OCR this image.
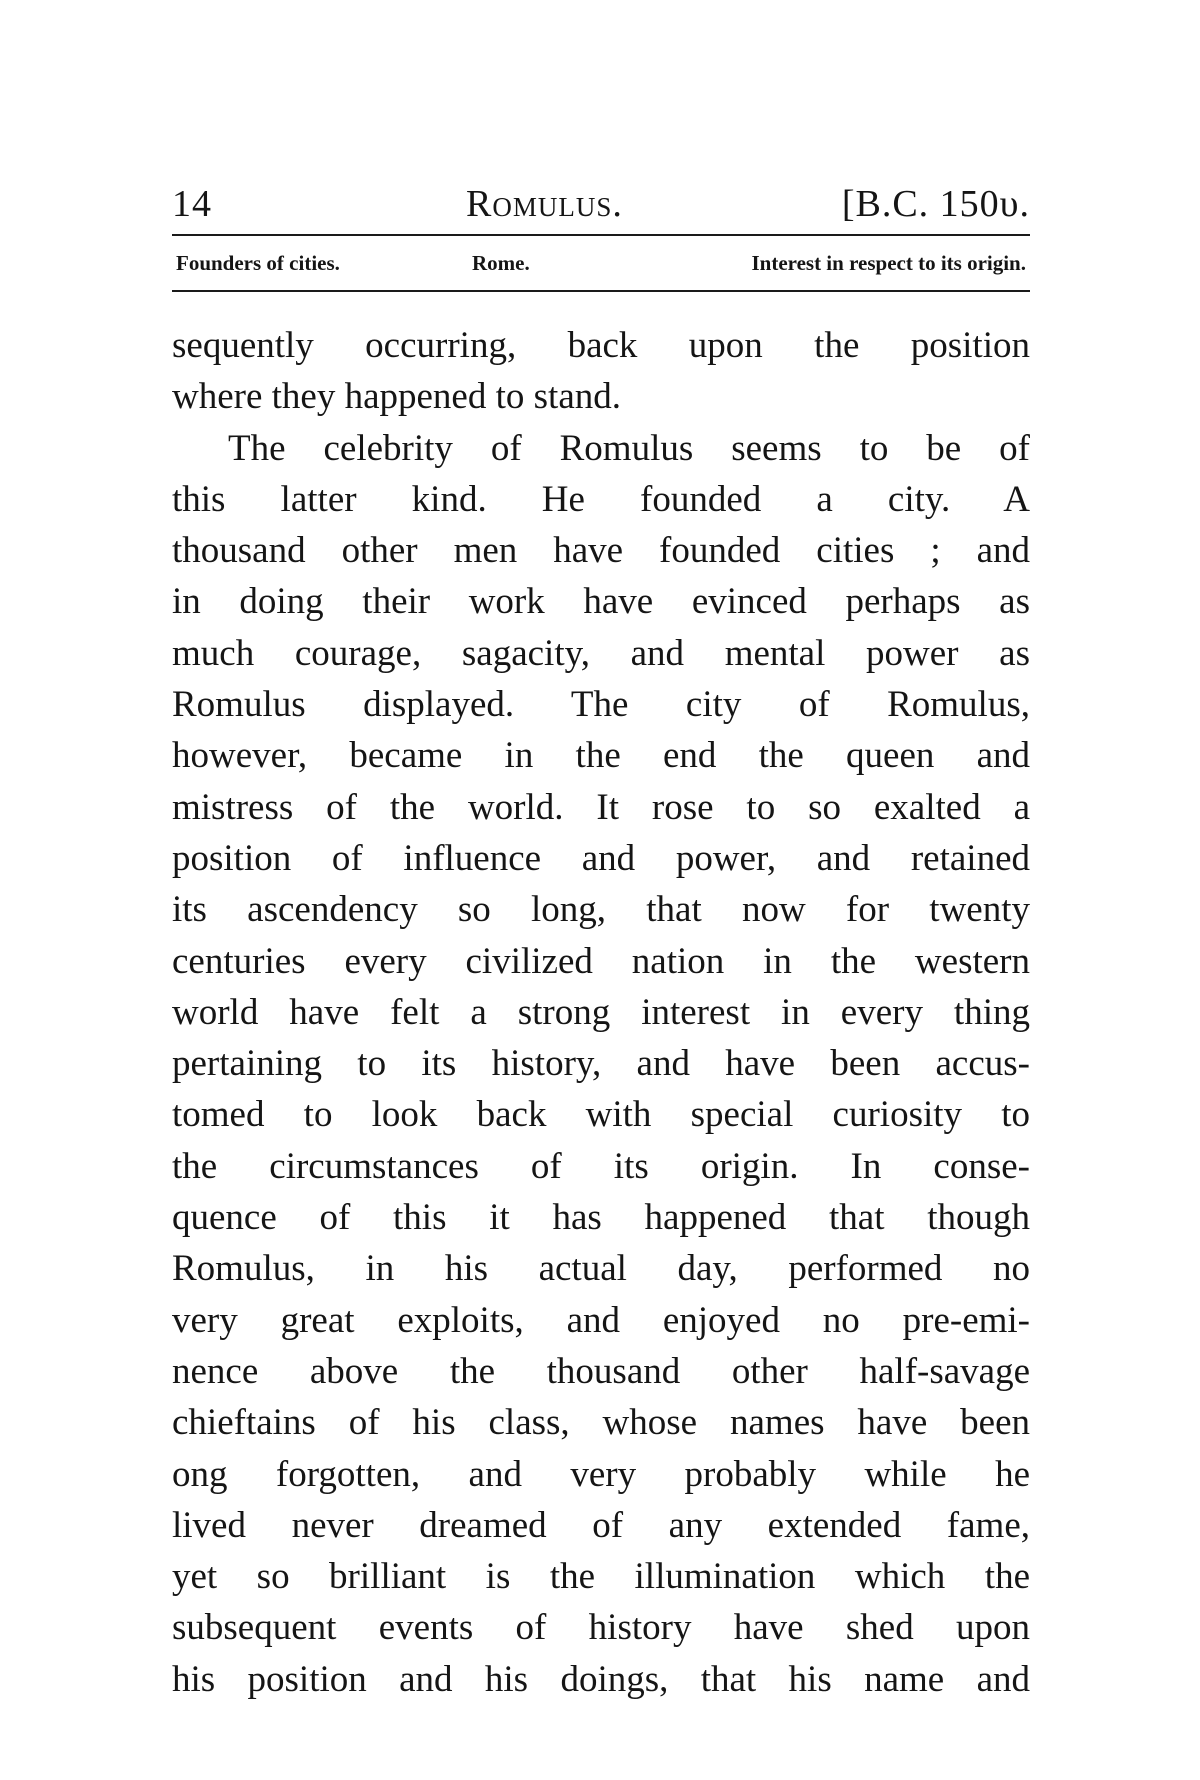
14	Romulus.	[B.C. 150υ.
Founders of cities.	Rome.	Interest in respect to its origin.
sequently occurring, back upon the position
where they happened to stand.
The celebrity of Romulus seems to be of
this latter kind. He founded a city. A
thousand other men have founded cities ; and
in doing their work have evinced perhaps as
much courage, sagacity, and mental power as
Romulus displayed. The city of Romulus,
however, became in the end the queen and
mistress of the world. It rose to so exalted a
position of influence and power, and retained
its ascendency so long, that now for twenty
centuries every civilized nation in the western
world have felt a strong interest in every thing
pertaining to its history, and have been accus-
tomed to look back with special curiosity to
the circumstances of its origin. In conse-
quence of this it has happened that though
Romulus, in his actual day, performed no
very great exploits, and enjoyed no pre-emi-
nence above the thousand other half-savage
chieftains of his class, whose names have been
ong forgotten, and very probably while he
lived never dreamed of any extended fame,
yet so brilliant is the illumination which the
subsequent events of history have shed upon
his position and his doings, that his name and
